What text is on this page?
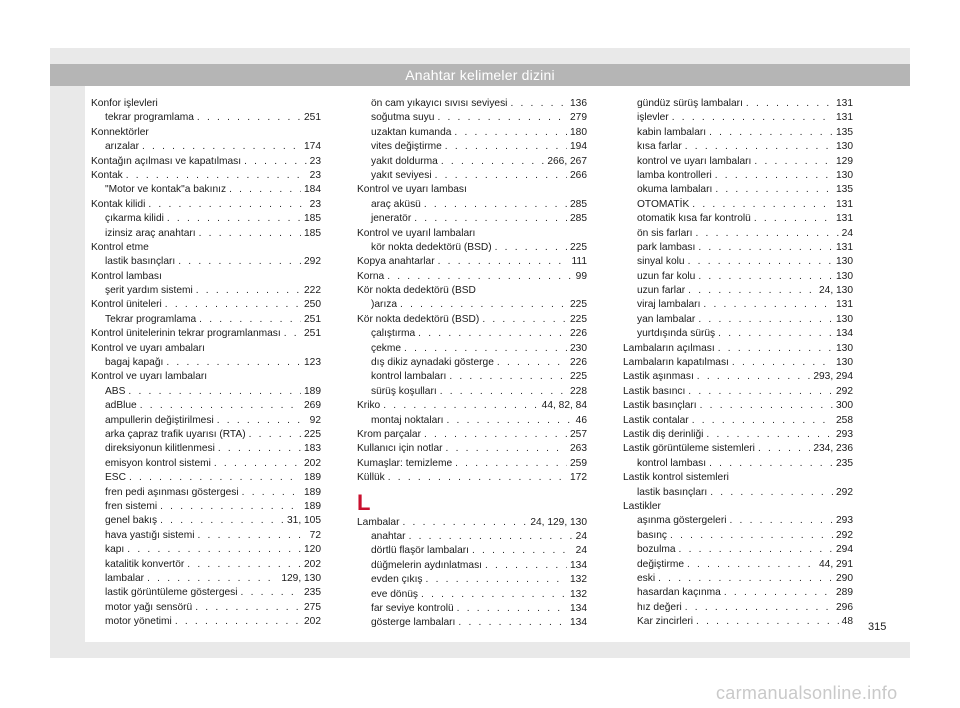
Anahtar kelimeler dizini
Konfor işlevleri
tekrar programlama . . .	251
Konnektörler
arızalar . . .	174
Kontağın açılması ve kapatılması . . .	23
Kontak . . .	23
"Motor ve kontak"a bakınız . . .	184
Kontak kilidi . . .	23
çıkarma kilidi . . .	185
izinsiz araç anahtarı . . .	185
Kontrol etme
lastik basınçları . . .	292
Kontrol lambası
şerit yardım sistemi . . .	222
Kontrol üniteleri . . .	250
Tekrar programlama . . .	251
Kontrol ünitelerinin tekrar programlanması . . . 251
Kontrol ve uyarı ambaları
bagaj kapağı . . .	123
Kontrol ve uyarı lambaları
ABS . . .	189
adBlue . . .	269
ampullerin değiştirilmesi . . .	92
arka çapraz trafik uyarısı (RTA) . . .	225
direksiyonun kilitlenmesi . . .	183
emisyon kontrol sistemi . . .	202
ESC . . .	189
fren pedi aşınması göstergesi . . .	189
fren sistemi . . .	189
genel bakış . . .	31, 105
hava yastığı sistemi . . .	72
kapı . . .	120
katalitik konvertör . . .	202
lambalar . . .	129, 130
lastik görüntüleme göstergesi . . .	235
motor yağı sensörü . . .	275
motor yönetimi . . .	202
ön cam yıkayıcı sıvısı seviyesi . . .	136
soğutma suyu . . .	279
uzaktan kumanda . . .	180
vites değiştirme . . .	194
yakıt doldurma . . .	266, 267
yakıt seviyesi . . .	266
Kontrol ve uyarı lambası
araç aküsü . . .	285
jeneratör . . .	285
Kontrol ve uyarıl lambaları
kör nokta dedektörü (BSD) . . .	225
Kopya anahtarlar . . .	111
Korna . . .	99
Kör nokta dedektörü (BSD
)arıza . . .	225
Kör nokta dedektörü (BSD) . . .	225
çalıştırma . . .	226
çekme . . .	230
dış dikiz aynadaki gösterge . . .	226
kontrol lambaları . . .	225
sürüş koşulları . . .	228
Kriko . . .	44, 82, 84
montaj noktaları . . .	46
Krom parçalar . . .	257
Kullanıcı için notlar . . .	263
Kumaşlar: temizleme . . .	259
Küllük . . .	172
L
Lambalar . . .	24, 129, 130
anahtar . . .	24
dörtlü flaşör lambaları . . .	24
düğmelerin aydınlatması . . .	134
evden çıkış . . .	132
eve dönüş . . .	132
far seviye kontrolü . . .	134
gösterge lambaları . . .	134
gündüz sürüş lambaları . . .	131
işlevler . . .	131
kabin lambaları . . .	135
kısa farlar . . .	130
kontrol ve uyarı lambaları . . .	129
lamba kontrolleri . . .	130
okuma lambaları . . .	135
OTOMATİK . . .	131
otomatik kısa far kontrolü . . .	131
ön sis farları . . .	24
park lambası . . .	131
sinyal kolu . . .	130
uzun far kolu . . .	130
uzun farlar . . .	24, 130
viraj lambaları . . .	131
yan lambalar . . .	130
yurtdışında sürüş . . .	134
Lambaların açılması . . .	130
Lambaların kapatılması . . .	130
Lastik aşınması . . .	293, 294
Lastik basıncı . . .	292
Lastik basınçları . . .	300
Lastik contalar . . .	258
Lastik diş derinliği . . .	293
Lastik görüntüleme sistemleri . . .	234, 236
kontrol lambası . . .	235
Lastik kontrol sistemleri
lastik basınçları . . .	292
Lastikler
aşınma göstergeleri . . .	293
basınç . . .	292
bozulma . . .	294
değiştirme . . .	44, 291
eski . . .	290
hasardan kaçınma . . .	289
hız değeri . . .	296
Kar zincirleri . . .	48 315
carmanualsonline.info
